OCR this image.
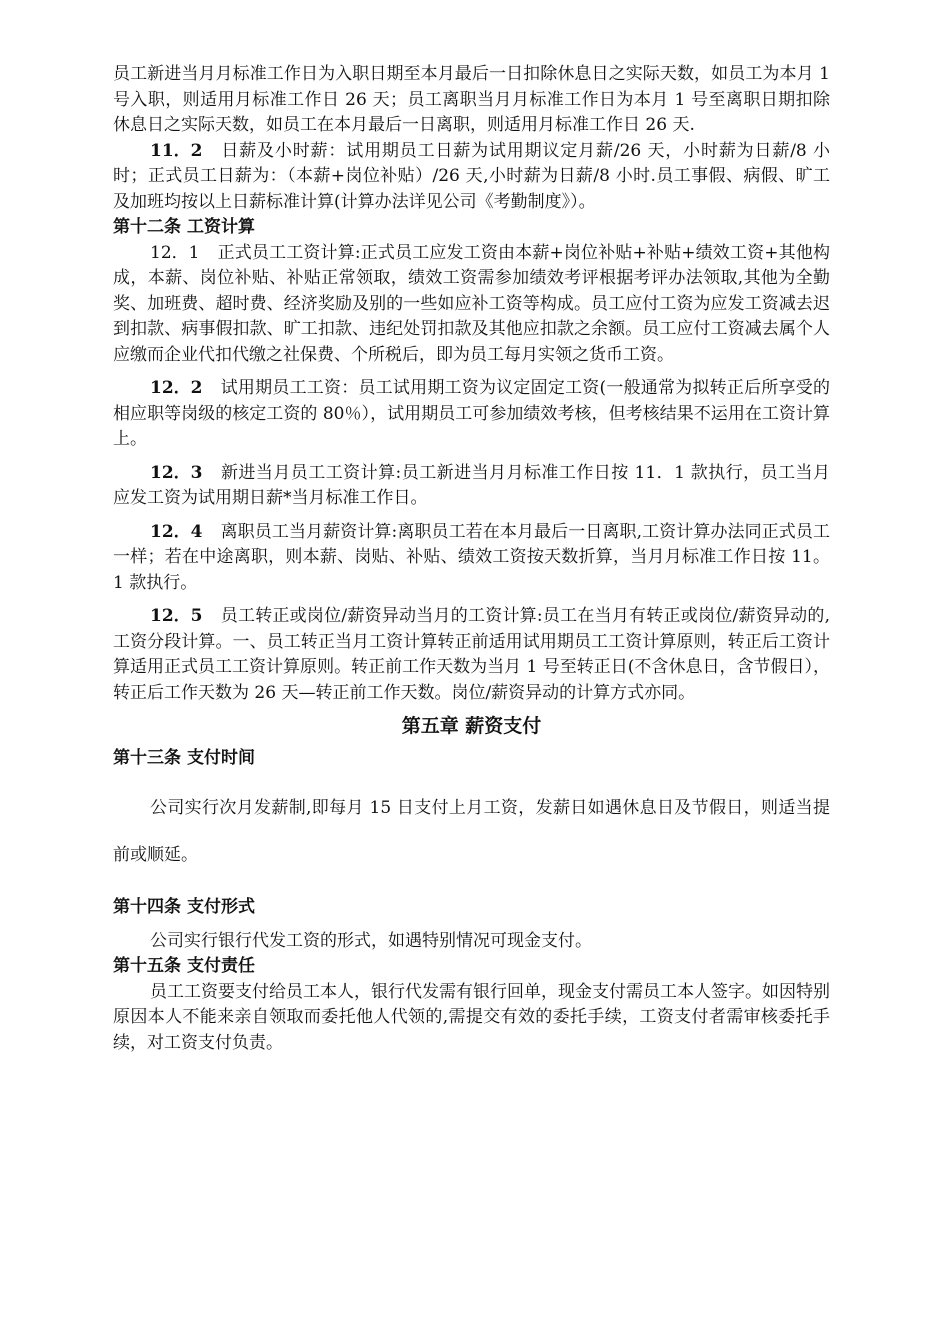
员工新进当月月标准工作日为入职日期至本月最后一日扣除休息日之实际天数，如员工为本月 1 号入职，则适用月标准工作日 26 天；员工离职当月月标准工作日为本月 1 号至离职日期扣除休息日之实际天数，如员工在本月最后一日离职，则适用月标准工作日 26 天.

11．2 日薪及小时薪：试用期员工日薪为试用期议定月薪/26 天，小时薪为日薪/8 小时；正式员工日薪为：（本薪+岗位补贴）/26 天,小时薪为日薪/8 小时.员工事假、病假、旷工及加班均按以上日薪标准计算(计算办法详见公司《考勤制度》）。

第十二条 工资计算

12．1 正式员工工资计算:正式员工应发工资由本薪+岗位补贴+补贴+绩效工资+其他构成，本薪、岗位补贴、补贴正常领取，绩效工资需参加绩效考评根据考评办法领取,其他为全勤奖、加班费、超时费、经济奖励及别的一些如应补工资等构成。员工应付工资为应发工资减去迟到扣款、病事假扣款、旷工扣款、违纪处罚扣款及其他应扣款之余额。员工应付工资减去属个人应缴而企业代扣代缴之社保费、个所税后，即为员工每月实领之货币工资。

12．2 试用期员工工资：员工试用期工资为议定固定工资(一般通常为拟转正后所享受的相应职等岗级的核定工资的 80％），试用期员工可参加绩效考核，但考核结果不运用在工资计算上。

12．3 新进当月员工工资计算:员工新进当月月标准工作日按 11．1 款执行，员工当月应发工资为试用期日薪*当月标准工作日。

12．4 离职员工当月薪资计算:离职员工若在本月最后一日离职,工资计算办法同正式员工一样；若在中途离职，则本薪、岗贴、补贴、绩效工资按天数折算，当月月标准工作日按 11。1 款执行。

12．5 员工转正或岗位/薪资异动当月的工资计算:员工在当月有转正或岗位/薪资异动的,工资分段计算。一、员工转正当月工资计算转正前适用试用期员工工资计算原则，转正后工资计算适用正式员工工资计算原则。转正前工作天数为当月 1 号至转正日(不含休息日，含节假日），转正后工作天数为 26 天—转正前工作天数。岗位/薪资异动的计算方式亦同。

第五章 薪资支付
第十三条 支付时间

公司实行次月发薪制,即每月 15 日支付上月工资，发薪日如遇休息日及节假日，则适当提前或顺延。

第十四条 支付形式

公司实行银行代发工资的形式，如遇特别情况可现金支付。

第十五条 支付责任

员工工资要支付给员工本人，银行代发需有银行回单，现金支付需员工本人签字。如因特别原因本人不能来亲自领取而委托他人代领的,需提交有效的委托手续，工资支付者需审核委托手续，对工资支付负责。
